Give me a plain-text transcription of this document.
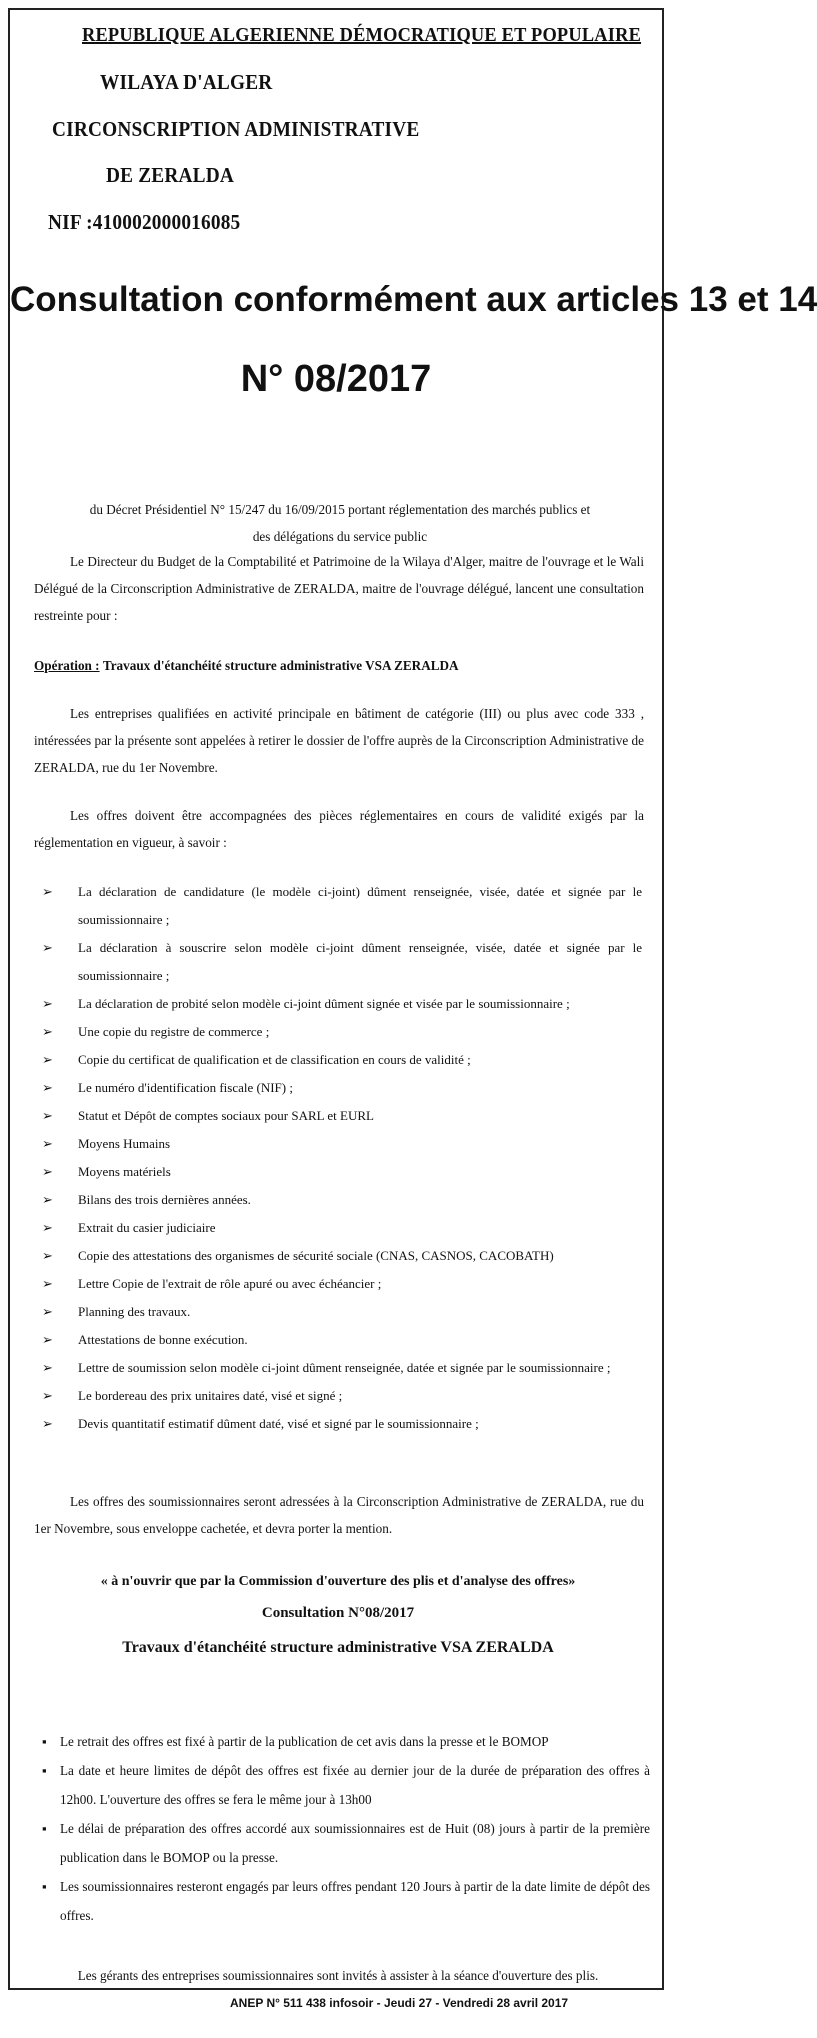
REPUBLIQUE ALGERIENNE DÉMOCRATIQUE ET POPULAIRE
WILAYA D'ALGER
CIRCONSCRIPTION ADMINISTRATIVE
DE ZERALDA
NIF :410002000016085
Consultation conformément aux articles 13 et 14
N° 08/2017
du Décret Présidentiel N° 15/247 du 16/09/2015 portant réglementation des marchés publics et des délégations du service public
Le Directeur du Budget de la Comptabilité et Patrimoine de la Wilaya d'Alger, maitre de l'ouvrage et le Wali Délégué de la Circonscription Administrative de ZERALDA, maitre de l'ouvrage délégué, lancent une consultation restreinte pour :
Opération : Travaux d'étanchéité structure administrative VSA ZERALDA
Les entreprises qualifiées en activité principale en bâtiment de catégorie (III) ou plus avec code 333 , intéressées par la présente sont appelées à retirer le dossier de l'offre auprès de la Circonscription Administrative de ZERALDA, rue du 1er Novembre.
Les offres doivent être accompagnées des pièces réglementaires en cours de validité exigés par la réglementation en vigueur, à savoir :
➢	La déclaration de candidature (le modèle ci-joint) dûment renseignée, visée, datée et signée par le soumissionnaire ;
➢	La déclaration à souscrire selon modèle ci-joint dûment renseignée, visée, datée et signée par le soumissionnaire ;
➢	La déclaration de probité selon modèle ci-joint dûment signée et visée par le soumissionnaire ;
➢	Une copie du registre de commerce ;
➢	Copie du certificat de qualification et de classification en cours de validité ;
➢	Le numéro d'identification fiscale (NIF) ;
➢	Statut et Dépôt de comptes sociaux pour SARL et EURL
➢	Moyens Humains
➢	Moyens matériels
➢	Bilans des trois dernières années.
➢	Extrait du casier judiciaire
➢	Copie des attestations des organismes de sécurité sociale (CNAS, CASNOS, CACOBATH)
➢	Lettre Copie de l'extrait de rôle apuré ou avec échéancier ;
➢	Planning des travaux.
➢	Attestations de bonne exécution.
➢	Lettre de soumission selon modèle ci-joint dûment renseignée, datée et signée par le soumissionnaire ;
➢	Le bordereau des prix unitaires daté, visé et signé ;
➢	Devis quantitatif estimatif dûment daté, visé et signé par le soumissionnaire ;
Les offres des soumissionnaires seront adressées à la Circonscription Administrative de ZERALDA, rue du 1er Novembre, sous enveloppe cachetée, et devra porter la mention.
« à n'ouvrir que par la Commission d'ouverture des plis et d'analyse des offres»
Consultation N°08/2017
Travaux d'étanchéité structure administrative VSA ZERALDA
▪	Le retrait des offres est fixé à partir de la publication de cet avis dans la presse et le BOMOP
▪	La date et heure limites de dépôt des offres est fixée au dernier jour de la durée de préparation des offres à 12h00. L'ouverture des offres se fera le même jour à 13h00
▪	Le délai de préparation des offres accordé aux soumissionnaires est de Huit (08) jours à partir de la première publication dans le BOMOP ou la presse.
▪	Les soumissionnaires resteront engagés par leurs offres pendant 120 Jours à partir de la date limite de dépôt des offres.
Les gérants des entreprises soumissionnaires sont invités à assister à la séance d'ouverture des plis.
ANEP N° 511 438 infosoir - Jeudi 27 - Vendredi 28 avril 2017
